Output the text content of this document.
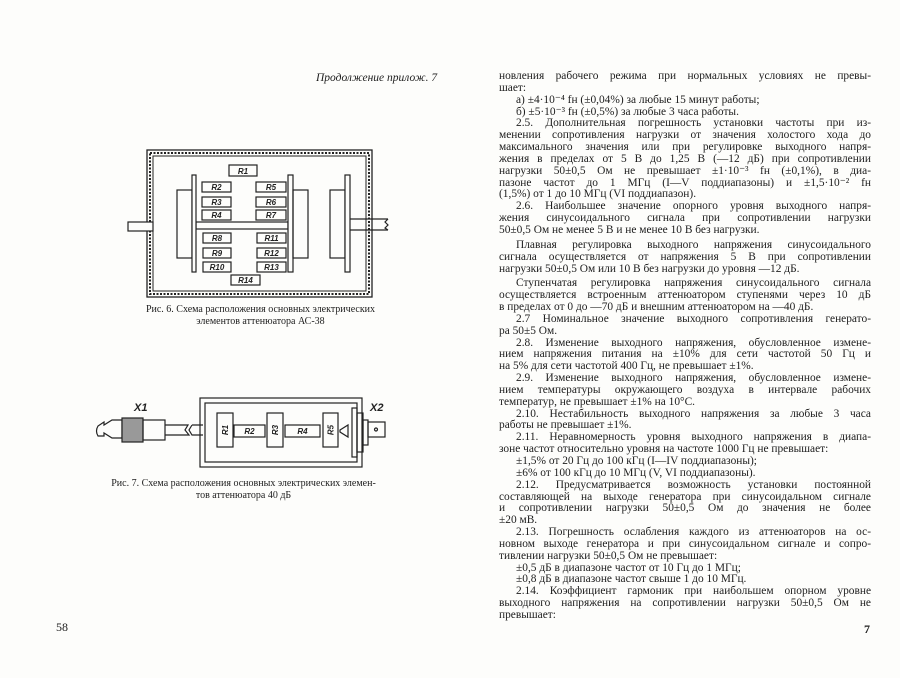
Продолжение прилож. 7
R1
R2
R3
R4
R5
R6
R7
R8
R9
R10
R11
R12
R13
R14
Рис. 6. Схема расположения основных электрических
элементов аттенюатора АС-38
R1 R2 R3 R4 R5
X1	X2
Рис. 7. Схема расположения основных электрических элемен-
тов аттенюатора 40 дБ
58
новления рабочего режима при нормальных условиях не превы-
шает:
а) ±4·10⁻⁴ fн (±0,04%) за любые 15 минут работы;
б) ±5·10⁻³ fн (±0,5%) за любые 3 часа работы.
2.5. Дополнительная погрешность установки частоты при из-
менении сопротивления нагрузки от значения холостого хода до
максимального значения или при регулировке выходного напря-
жения в пределах от 5 В до 1,25 В (—12 дБ) при сопротивлении
нагрузки 50±0,5 Ом не превышает ±1·10⁻³ fн (±0,1%), в диа-
пазоне частот до 1 МГц (I—V поддиапазоны) и ±1,5·10⁻² fн
(1,5%) от 1 до 10 МГц (VI поддиапазон).
2.6. Наибольшее значение опорного уровня выходного напря-
жения синусоидального сигнала при сопротивлении нагрузки
50±0,5 Ом не менее 5 В и не менее 10 В без нагрузки.
Плавная регулировка выходного напряжения синусоидального
сигнала осуществляется от напряжения 5 В при сопротивлении
нагрузки 50±0,5 Ом или 10 В без нагрузки до уровня —12 дБ.
Ступенчатая регулировка напряжения синусоидального сигнала
осуществляется встроенным аттенюатором ступенями через 10 дБ
в пределах от 0 до —70 дБ и внешним аттенюатором на —40 дБ.
2.7 Номинальное значение выходного сопротивления генерато-
ра 50±5 Ом.
2.8. Изменение выходного напряжения, обусловленное измене-
нием напряжения питания на ±10% для сети частотой 50 Гц и
на 5% для сети частотой 400 Гц, не превышает ±1%.
2.9. Изменение выходного напряжения, обусловленное измене-
нием температуры окружающего воздуха в интервале рабочих
температур, не превышает ±1% на 10°С.
2.10. Нестабильность выходного напряжения за любые 3 часа
работы не превышает ±1%.
2.11. Неравномерность уровня выходного напряжения в диапа-
зоне частот относительно уровня на частоте 1000 Гц не превышает:
±1,5% от 20 Гц до 100 кГц (I—IV поддиапазоны);
±6% от 100 кГц до 10 МГц (V, VI поддиапазоны).
2.12. Предусматривается возможность установки постоянной
составляющей на выходе генератора при синусоидальном сигнале
и сопротивлении нагрузки 50±0,5 Ом до значения не более
±20 мВ.
2.13. Погрешность ослабления каждого из аттенюаторов на ос-
новном выходе генератора и при синусоидальном сигнале и сопро-
тивлении нагрузки 50±0,5 Ом не превышает:
±0,5 дБ в диапазоне частот от 10 Гц до 1 МГц;
±0,8 дБ в диапазоне частот свыше 1 до 10 МГц.
2.14. Коэффициент гармоник при наибольшем опорном уровне
выходного напряжения на сопротивлении нагрузки 50±0,5 Ом не
превышает:
7
